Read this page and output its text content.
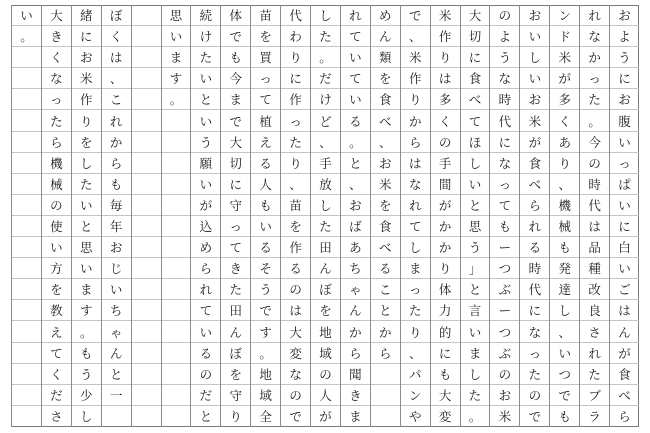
お
よ
う
に
お
腹
い
っ
ぱ
い
に
白
い
ご
は
ん
が
食
べ
ら
れ
な
か
っ
た
。
今
の
時
代
は
品
種
改
良
さ
れ
た
ブ
ラ
ン
ド
米
が
多
く
あ
り
、
機
械
も
発
達
し
、
い
つ
で
も
お
い
し
い
お
米
が
食
べ
ら
れ
る
時
代
に
な
っ
た
の
で
の
よ
う
な
時
代
に
な
っ
て
も
ー
つ
ぶ
ー
つ
ぶ
の
お
米
大
切
に
食
べ
て
ほ
し
い
と
思
う
」
と
言
い
ま
し
た
。
米
作
り
は
多
く
の
手
間
が
か
か
り
体
力
的
に
も
大
変
で
、
米
作
り
か
ら
は
な
れ
て
し
ま
っ
た
り
、
パ
ン
や
め
ん
類
を
食
べ
、
お
米
を
食
べ
る
こ
と
か
ら
れ
て
い
て
い
る
。
と
、
お
ば
あ
ち
ゃ
ん
か
ら
聞
き
ま
し
た
。
だ
け
ど
、
手
放
し
た
田
ん
ぼ
を
地
域
の
人
が
代
わ
り
に
作
っ
た
り
、
苗
を
作
る
の
は
大
変
な
の
で
苗
を
買
っ
て
植
え
る
人
も
い
る
そ
う
で
す
。
地
域
全
体
で
も
今
ま
で
大
切
に
守
っ
て
き
た
田
ん
ぼ
を
守
り
続
け
た
い
と
い
う
願
い
が
込
め
ら
れ
て
い
る
の
だ
と
思
い
ま
す
。
ぼ
く
は
、
こ
れ
か
ら
も
毎
年
お
じ
い
ち
ゃ
ん
と
一
緒
に
お
米
作
り
を
し
た
い
と
思
い
ま
す
。
も
う
少
し
大
き
く
な
っ
た
ら
機
械
の
使
い
方
を
教
え
て
く
だ
さ
い
。
